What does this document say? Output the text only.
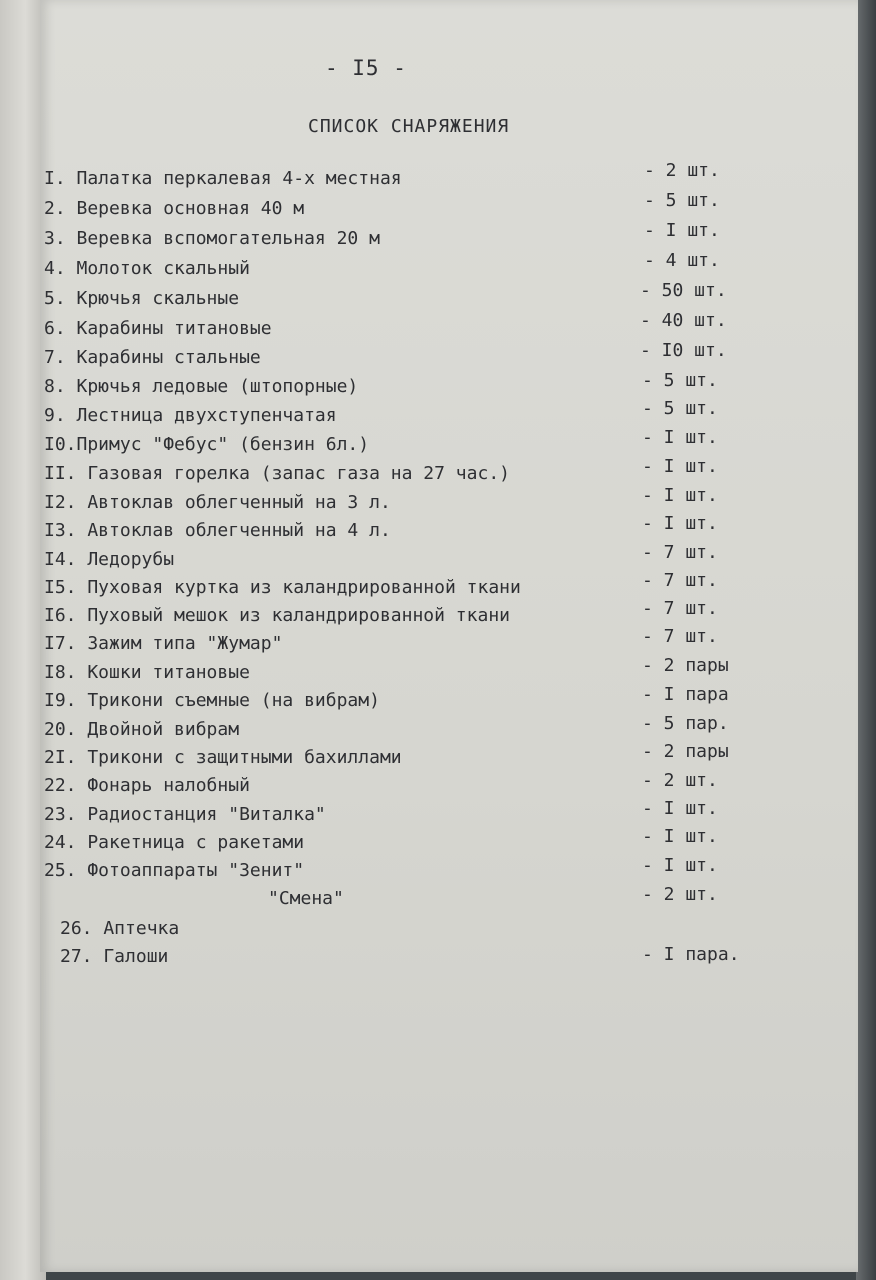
- I5 -
СПИСОК СНАРЯЖЕНИЯ
I. Палатка перкалевая 4-х местная	- 2 шт.
2. Веревка основная 40 м	- 5 шт.
3. Веревка вспомогательная 20 м	- I шт.
4. Молоток скальный	- 4 шт.
5. Крючья скальные	- 50 шт.
6. Карабины титановые	- 40 шт.
7. Карабины стальные	- I0 шт.
8. Крючья ледовые (штопорные)	- 5 шт.
9. Лестница двухступенчатая	- 5 шт.
I0.Примус "Фебус" (бензин 6л.)	- I шт.
II. Газовая горелка (запас газа на 27 час.)	- I шт.
I2. Автоклав облегченный на 3 л.	- I шт.
I3. Автоклав облегченный на 4 л.	- I шт.
I4. Ледорубы	- 7 шт.
I5. Пуховая куртка из каландрированной ткани	- 7 шт.
I6. Пуховый мешок из каландрированной ткани	- 7 шт.
I7. Зажим типа "Жумар"	- 7 шт.
I8. Кошки титановые	- 2 пары
I9. Трикони съемные (на вибрам)	- I пара
20. Двойной вибрам	- 5 пар.
2I. Трикони с защитными бахиллами	- 2 пары
22. Фонарь налобный	- 2 шт.
23. Радиостанция "Виталка"	- I шт.
24. Ракетница с ракетами	- I шт.
25. Фотоаппараты "Зенит"	- I шт.
"Смена"	- 2 шт.
26. Аптечка
27. Галоши	- I пара.
